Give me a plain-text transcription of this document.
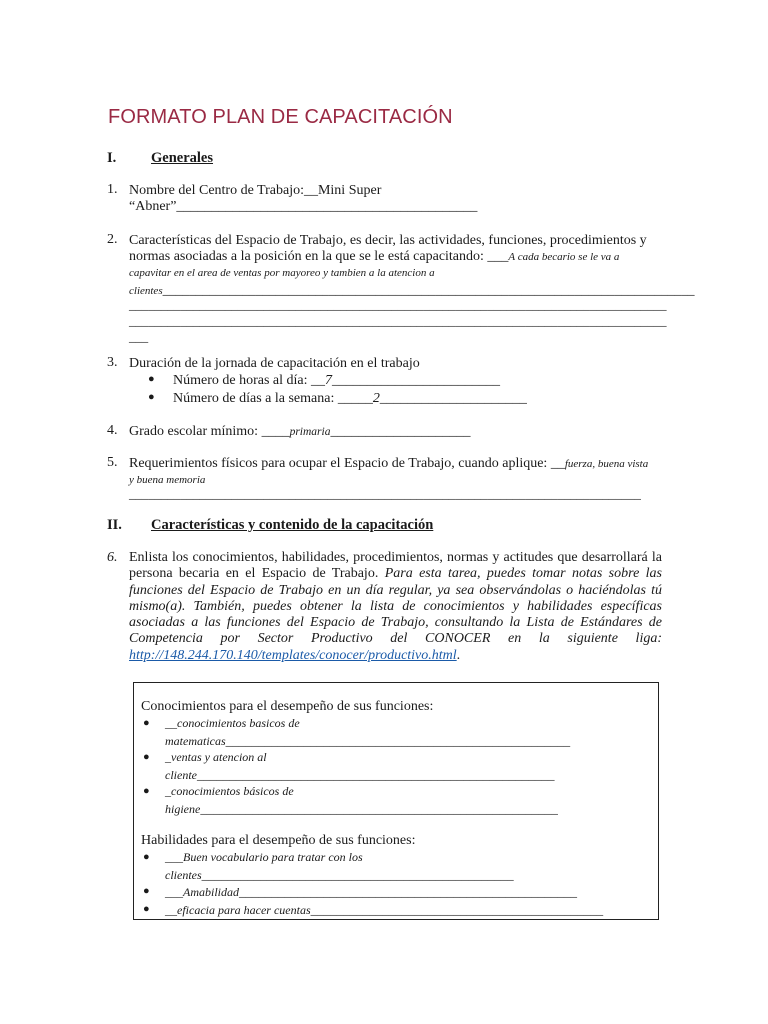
FORMATO PLAN DE CAPACITACIÓN
I. Generales
1. Nombre del Centro de Trabajo:__Mini Super
“Abner”___________________________________________
2. Características del Espacio de Trabajo, es decir, las actividades, funciones, procedimientos y
normas asociadas a la posición en la que se le está capacitando: ___A cada becario se le va a
capavitar en el area de ventas por mayoreo y tambien a la atencion a
clientes________________________________________________________________________________
____________________________________________________________________________________
____________________________________________________________________________________
___
3. Duración de la jornada de capacitación en el trabajo
● Número de horas al día: __7________________________
● Número de días a la semana: _____2_____________________
4. Grado escolar mínimo: ____primaria____________________
5. Requerimientos físicos para ocupar el Espacio de Trabajo, cuando aplique: __fuerza, buena vista
y buena memoria
________________________________________________________________________________
II. Características y contenido de la capacitación
6. Enlista los conocimientos, habilidades, procedimientos, normas y actitudes que desarrollará la persona becaria en el Espacio de Trabajo. Para esta tarea, puedes tomar notas sobre las funciones del Espacio de Trabajo en un día regular, ya sea observándolas o haciéndolas tú mismo(a). También, puedes obtener la lista de conocimientos y habilidades específicas asociadas a las funciones del Espacio de Trabajo, consultando la Lista de Estándares de Competencia por Sector Productivo del CONOCER en la siguiente liga: http://148.244.170.140/templates/conocer/productivo.html.
Conocimientos para el desempeño de sus funciones:
● __conocimientos basicos de
matematicas_____________________________________________________
● _ventas y atencion al
cliente_______________________________________________________
● _conocimientos básicos de
higiene_______________________________________________________
Habilidades para el desempeño de sus funciones:
● ___Buen vocabulario para tratar con los
clientes________________________________________________
● ___Amabilidad____________________________________________________
● __eficacia para hacer cuentas_____________________________________________
